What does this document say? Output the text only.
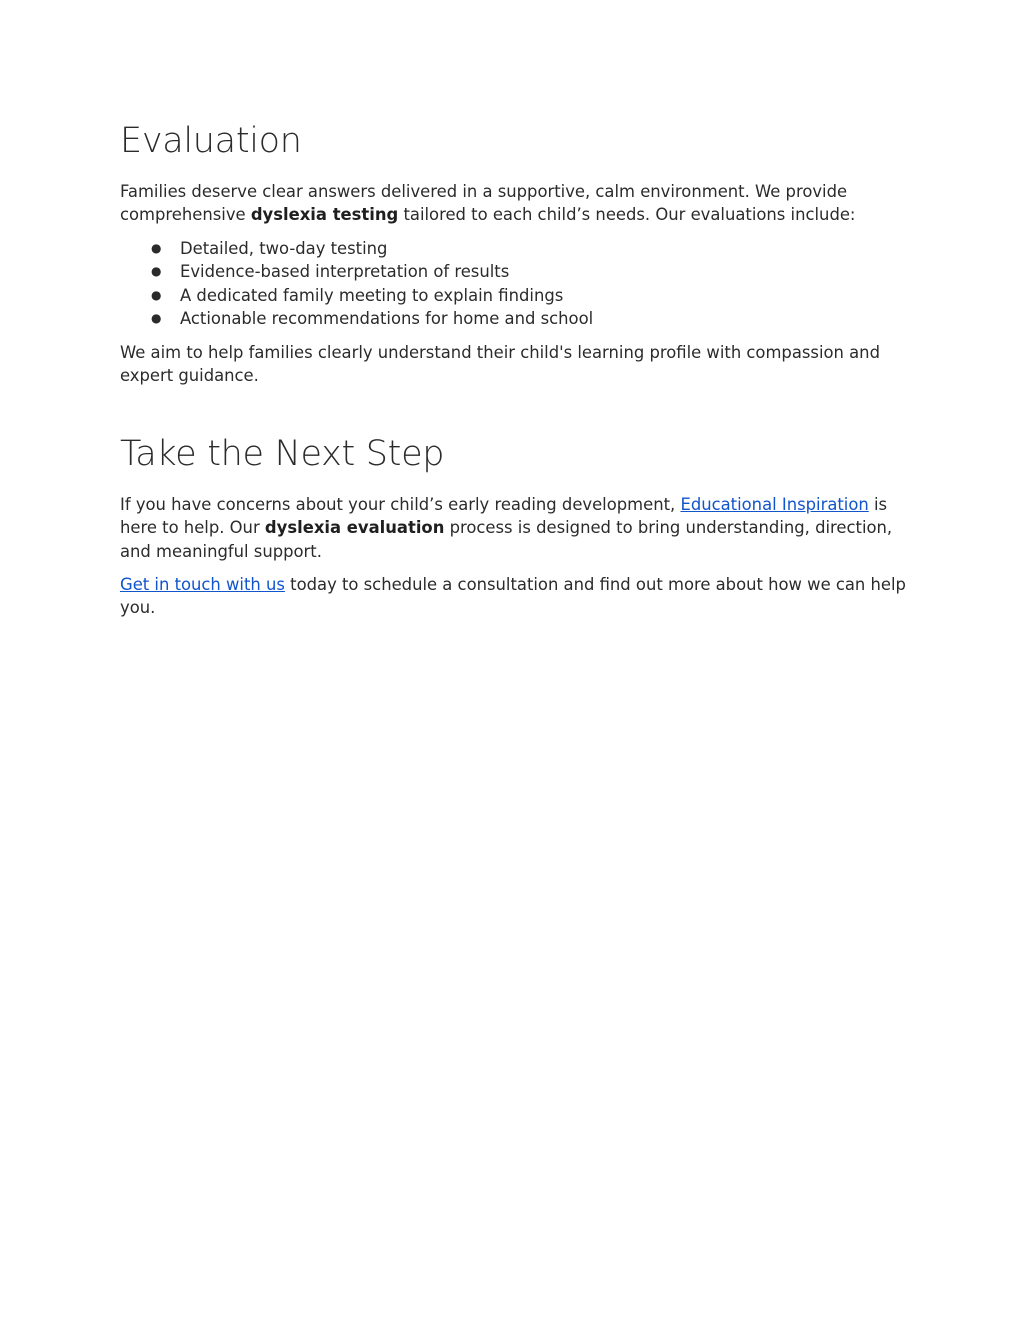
Evaluation

Families deserve clear answers delivered in a supportive, calm environment. We provide comprehensive dyslexia testing tailored to each child’s needs. Our evaluations include:

● Detailed, two-day testing
● Evidence-based interpretation of results
● A dedicated family meeting to explain findings
● Actionable recommendations for home and school

We aim to help families clearly understand their child's learning profile with compassion and expert guidance.

Take the Next Step

If you have concerns about your child’s early reading development, Educational Inspiration is here to help. Our dyslexia evaluation process is designed to bring understanding, direction, and meaningful support.

Get in touch with us today to schedule a consultation and find out more about how we can help you.
